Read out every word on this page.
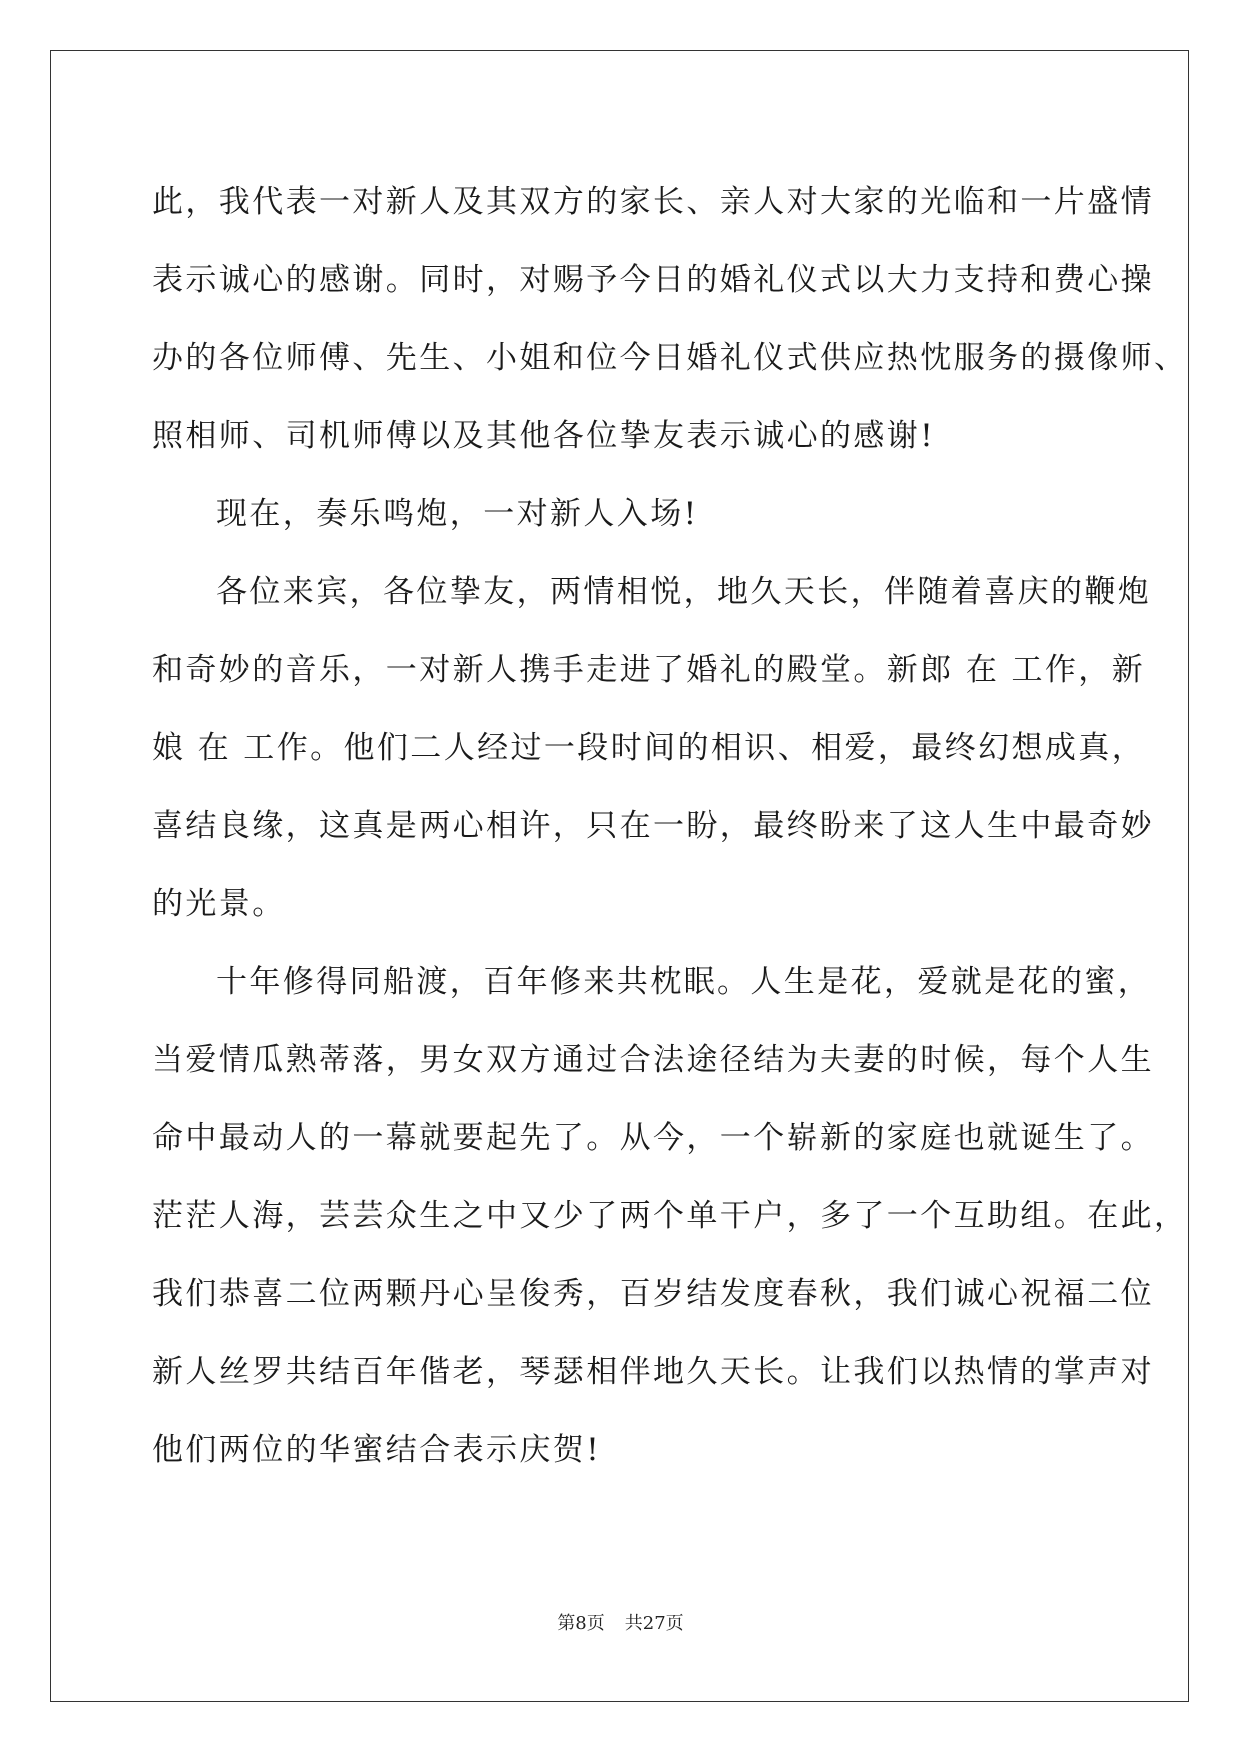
此，我代表一对新人及其双方的家长、亲人对大家的光临和一片盛情
表示诚心的感谢。同时，对赐予今日的婚礼仪式以大力支持和费心操
办的各位师傅、先生、小姐和位今日婚礼仪式供应热忱服务的摄像师、
照相师、司机师傅以及其他各位挚友表示诚心的感谢!
现在，奏乐鸣炮，一对新人入场!
各位来宾，各位挚友，两情相悦，地久天长，伴随着喜庆的鞭炮
和奇妙的音乐，一对新人携手走进了婚礼的殿堂。新郎 在 工作，新
娘 在 工作。他们二人经过一段时间的相识、相爱，最终幻想成真，
喜结良缘，这真是两心相许，只在一盼，最终盼来了这人生中最奇妙
的光景。
十年修得同船渡，百年修来共枕眠。人生是花，爱就是花的蜜，
当爱情瓜熟蒂落，男女双方通过合法途径结为夫妻的时候，每个人生
命中最动人的一幕就要起先了。从今，一个崭新的家庭也就诞生了。
茫茫人海，芸芸众生之中又少了两个单干户，多了一个互助组。在此，
我们恭喜二位两颗丹心呈俊秀，百岁结发度春秋，我们诚心祝福二位
新人丝罗共结百年偕老，琴瑟相伴地久天长。让我们以热情的掌声对
他们两位的华蜜结合表示庆贺!
第8页 共27页
